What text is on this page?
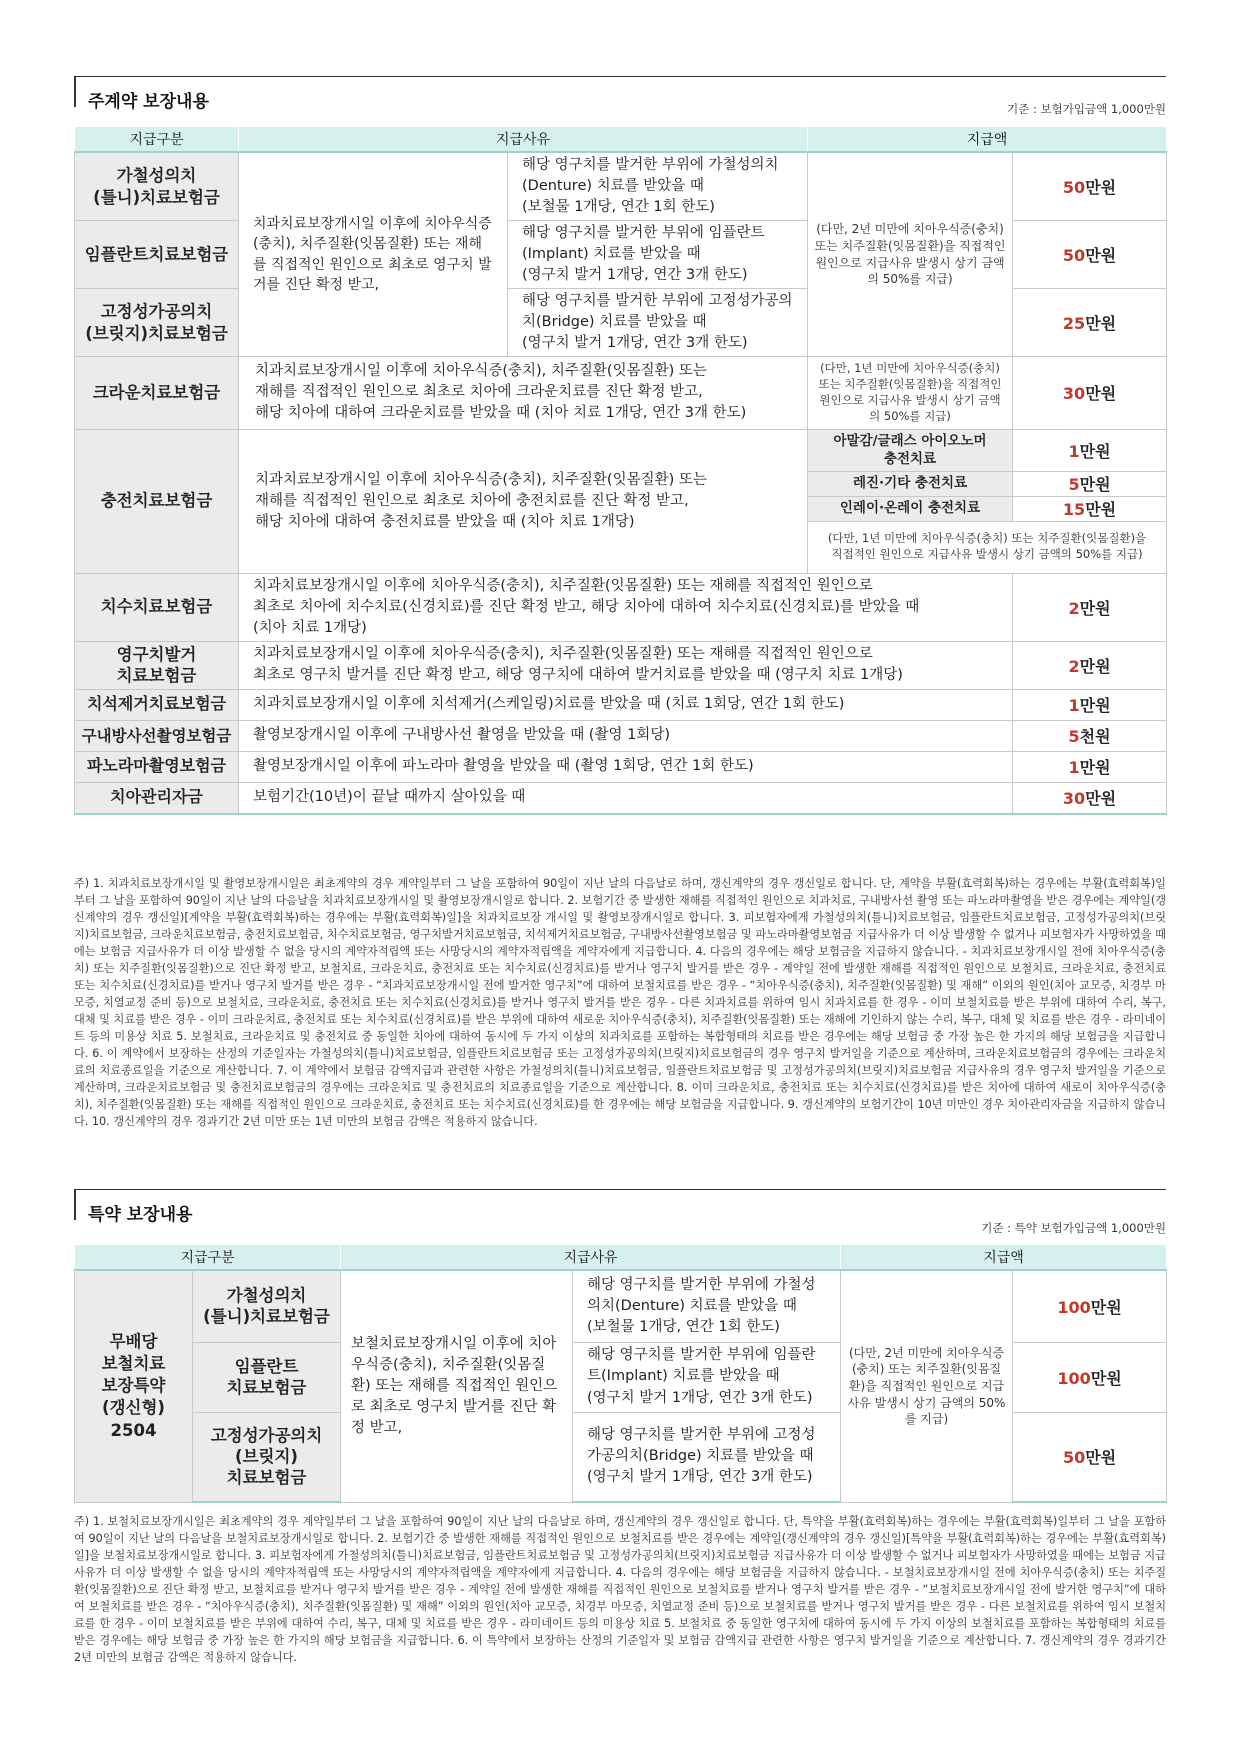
주계약 보장내용	기준 : 보험가입금액 1,000만원
지급구분	지급사유		지급액	
가철성의치
(틀니)치료보험금	치과치료보장개시일 이후에 치아우식증(충치), 치주질환(잇몸질환) 또는 재해를 직접적인 원인으로 최초로 영구치 발거를 진단 확정 받고,	해당 영구치를 발거한 부위에 가철성의치(Denture) 치료를 받았을 때
(보철물 1개당, 연간 1회 한도)	(다만, 2년 미만에 치아우식증(충치) 또는 치주질환(잇몸질환)을 직접적인 원인으로 지급사유 발생시 상기 금액의 50%를 지급)	50만원
임플란트치료보험금		해당 영구치를 발거한 부위에 임플란트(Implant) 치료를 받았을 때
(영구치 발거 1개당, 연간 3개 한도)		50만원
고정성가공의치
(브릿지)치료보험금		해당 영구치를 발거한 부위에 고정성가공의치(Bridge) 치료를 받았을 때
(영구치 발거 1개당, 연간 3개 한도)		25만원
크라운치료보험금	치과치료보장개시일 이후에 치아우식증(충치), 치주질환(잇몸질환) 또는
재해를 직접적인 원인으로 최초로 치아에 크라운치료를 진단 확정 받고,
해당 치아에 대하여 크라운치료를 받았을 때 (치아 치료 1개당, 연간 3개 한도)		(다만, 1년 미만에 치아우식증(충치) 또는 치주질환(잇몸질환)을 직접적인 원인으로 지급사유 발생시 상기 금액의 50%를 지급)	30만원
충전치료보험금	치과치료보장개시일 이후에 치아우식증(충치), 치주질환(잇몸질환) 또는
재해를 직접적인 원인으로 최초로 치아에 충전치료를 진단 확정 받고,
해당 치아에 대하여 충전치료를 받았을 때 (치아 치료 1개당)		아말감/글래스 아이오노머
충전치료	1만원
			레진·기타 충전치료	5만원
			인레이·온레이 충전치료	15만원
			(다만, 1년 미만에 치아우식증(충치) 또는 치주질환(잇몸질환)을 직접적인 원인으로 지급사유 발생시 상기 금액의 50%를 지급)	
치수치료보험금	치과치료보장개시일 이후에 치아우식증(충치), 치주질환(잇몸질환) 또는 재해를 직접적인 원인으로
최초로 치아에 치수치료(신경치료)를 진단 확정 받고, 해당 치아에 대하여 치수치료(신경치료)를 받았을 때
(치아 치료 1개당)			2만원
영구치발거
치료보험금	치과치료보장개시일 이후에 치아우식증(충치), 치주질환(잇몸질환) 또는 재해를 직접적인 원인으로
최초로 영구치 발거를 진단 확정 받고, 해당 영구치에 대하여 발거치료를 받았을 때 (영구치 치료 1개당)			2만원
치석제거치료보험금	치과치료보장개시일 이후에 치석제거(스케일링)치료를 받았을 때 (치료 1회당, 연간 1회 한도)			1만원
구내방사선촬영보험금	촬영보장개시일 이후에 구내방사선 촬영을 받았을 때 (촬영 1회당)			5천원
파노라마촬영보험금	촬영보장개시일 이후에 파노라마 촬영을 받았을 때 (촬영 1회당, 연간 1회 한도)			1만원
치아관리자금	보험기간(10년)이 끝날 때까지 살아있을 때			30만원
주) 1. 치과치료보장개시일 및 촬영보장개시일은 최초계약의 경우 계약일부터 그 날을 포함하여 90일이 지난 날의 다음날로 하며, 갱신계약의 경우 갱신일로 합니다. 단, 계약을 부활(효력회복)하는 경우에는 부활(효력회복)일부터 그 날을 포함하여 90일이 지난 날의 다음날을 치과치료보장개시일 및 촬영보장개시일로 합니다. 2. 보험기간 중 발생한 재해를 직접적인 원인으로 치과치료, 구내방사선 촬영 또는 파노라마촬영을 받은 경우에는 계약일(갱신계약의 경우 갱신일)[계약을 부활(효력회복)하는 경우에는 부활(효력회복)일]을 치과치료보장 개시일 및 촬영보장개시일로 합니다. 3. 피보험자에게 가철성의치(틀니)치료보험금, 임플란트치료보험금, 고정성가공의치(브릿지)치료보험금, 크라운치료보험금, 충전치료보험금, 치수치료보험금, 영구치발거치료보험금, 치석제거치료보험금, 구내방사선촬영보험금 및 파노라마촬영보험금 지급사유가 더 이상 발생할 수 없거나 피보험자가 사망하였을 때에는 보험금 지급사유가 더 이상 발생할 수 없을 당시의 계약자적립액 또는 사망당시의 계약자적립액을 계약자에게 지급합니다. 4. 다음의 경우에는 해당 보험금을 지급하지 않습니다. - 치과치료보장개시일 전에 치아우식증(충치) 또는 치주질환(잇몸질환)으로 진단 확정 받고, 보철치료, 크라운치료, 충전치료 또는 치수치료(신경치료)를 받거나 영구치 발거를 받은 경우 - 계약일 전에 발생한 재해를 직접적인 원인으로 보철치료, 크라운치료, 충전치료 또는 치수치료(신경치료)를 받거나 영구치 발거를 받은 경우 - “치과치료보장개시일 전에 발거한 영구치”에 대하여 보철치료를 받은 경우 - “치아우식증(충치), 치주질환(잇몸질환) 및 재해” 이외의 원인(치아 교모증, 치경부 마모증, 치열교정 준비 등)으로 보철치료, 크라운치료, 충전치료 또는 치수치료(신경치료)를 받거나 영구치 발거를 받은 경우 - 다른 치과치료를 위하여 임시 치과치료를 한 경우 - 이미 보철치료를 받은 부위에 대하여 수리, 복구, 대체 및 치료를 받은 경우 - 이미 크라운치료, 충전치료 또는 치수치료(신경치료)를 받은 부위에 대하여 새로운 치아우식증(충치), 치주질환(잇몸질환) 또는 재해에 기인하지 않는 수리, 복구, 대체 및 치료를 받은 경우 - 라미네이트 등의 미용상 치료 5. 보철치료, 크라운치료 및 충전치료 중 동일한 치아에 대하여 동시에 두 가지 이상의 치과치료를 포함하는 복합형태의 치료를 받은 경우에는 해당 보험금 중 가장 높은 한 가지의 해당 보험금을 지급합니다. 6. 이 계약에서 보장하는 산정의 기준일자는 가철성의치(틀니)치료보험금, 임플란트치료보험금 또는 고정성가공의치(브릿지)치료보험금의 경우 영구치 발거일을 기준으로 계산하며, 크라운치료보험금의 경우에는 크라운치료의 치료종료일을 기준으로 계산합니다. 7. 이 계약에서 보험금 감액지급과 관련한 사항은 가철성의치(틀니)치료보험금, 임플란트치료보험금 및 고정성가공의치(브릿지)치료보험금 지급사유의 경우 영구치 발거일을 기준으로 계산하며, 크라운치료보험금 및 충전치료보험금의 경우에는 크라운치료 및 충전치료의 치료종료일을 기준으로 계산합니다. 8. 이미 크라운치료, 충전치료 또는 치수치료(신경치료)를 받은 치아에 대하여 새로이 치아우식증(충치), 치주질환(잇몸질환) 또는 재해를 직접적인 원인으로 크라운치료, 충전치료 또는 치수치료(신경치료)를 한 경우에는 해당 보험금을 지급합니다. 9. 갱신계약의 보험기간이 10년 미만인 경우 치아관리자금을 지급하지 않습니다. 10. 갱신계약의 경우 경과기간 2년 미만 또는 1년 미만의 보험금 감액은 적용하지 않습니다.
특약 보장내용
기준 : 특약 보험가입금액 1,000만원
지급구분		지급사유		지급액	
무배당
보철치료
보장특약
(갱신형)
2504	가철성의치
(틀니)치료보험금	보철치료보장개시일 이후에 치아우식증(충치), 치주질환(잇몸질환) 또는 재해를 직접적인 원인으로 최초로 영구치 발거를 진단 확정 받고,	해당 영구치를 발거한 부위에 가철성의치(Denture) 치료를 받았을 때
(보철물 1개당, 연간 1회 한도)	(다만, 2년 미만에 치아우식증(충치) 또는 치주질환(잇몸질환)을 직접적인 원인으로 지급사유 발생시 상기 금액의 50%를 지급)	100만원
	임플란트
치료보험금		해당 영구치를 발거한 부위에 임플란트(Implant) 치료를 받았을 때
(영구치 발거 1개당, 연간 3개 한도)		100만원
	고정성가공의치
(브릿지)
치료보험금		해당 영구치를 발거한 부위에 고정성가공의치(Bridge) 치료를 받았을 때
(영구치 발거 1개당, 연간 3개 한도)		50만원
주) 1. 보철치료보장개시일은 최초계약의 경우 계약일부터 그 날을 포함하여 90일이 지난 날의 다음날로 하며, 갱신계약의 경우 갱신일로 합니다. 단, 특약을 부활(효력회복)하는 경우에는 부활(효력회복)일부터 그 날을 포함하여 90일이 지난 날의 다음날을 보철치료보장개시일로 합니다. 2. 보험기간 중 발생한 재해를 직접적인 원인으로 보철치료를 받은 경우에는 계약일(갱신계약의 경우 갱신일)[특약을 부활(효력회복)하는 경우에는 부활(효력회복)일]을 보철치료보장개시일로 합니다. 3. 피보험자에게 가철성의치(틀니)치료보험금, 임플란트치료보험금 및 고정성가공의치(브릿지)치료보험금 지급사유가 더 이상 발생할 수 없거나 피보험자가 사망하였을 때에는 보험금 지급사유가 더 이상 발생할 수 없을 당시의 계약자적립액 또는 사망당시의 계약자적립액을 계약자에게 지급합니다. 4. 다음의 경우에는 해당 보험금을 지급하지 않습니다. - 보철치료보장개시일 전에 치아우식증(충치) 또는 치주질환(잇몸질환)으로 진단 확정 받고, 보철치료를 받거나 영구치 발거를 받은 경우 - 계약일 전에 발생한 재해를 직접적인 원인으로 보철치료를 받거나 영구치 발거를 받은 경우 - “보철치료보장개시일 전에 발거한 영구치”에 대하여 보철치료를 받은 경우 - “치아우식증(충치), 치주질환(잇몸질환) 및 재해” 이외의 원인(치아 교모증, 치경부 마모증, 치열교정 준비 등)으로 보철치료를 받거나 영구치 발거를 받은 경우 - 다른 보철치료를 위하여 임시 보철치료를 한 경우 - 이미 보철치료를 받은 부위에 대하여 수리, 복구, 대체 및 치료를 받은 경우 - 라미네이트 등의 미용상 치료 5. 보철치료 중 동일한 영구치에 대하여 동시에 두 가지 이상의 보철치료를 포함하는 복합형태의 치료를 받은 경우에는 해당 보험금 중 가장 높은 한 가지의 해당 보험금을 지급합니다. 6. 이 특약에서 보장하는 산정의 기준일자 및 보험금 감액지급 관련한 사항은 영구치 발거일을 기준으로 계산합니다. 7. 갱신계약의 경우 경과기간 2년 미만의 보험금 감액은 적용하지 않습니다.
